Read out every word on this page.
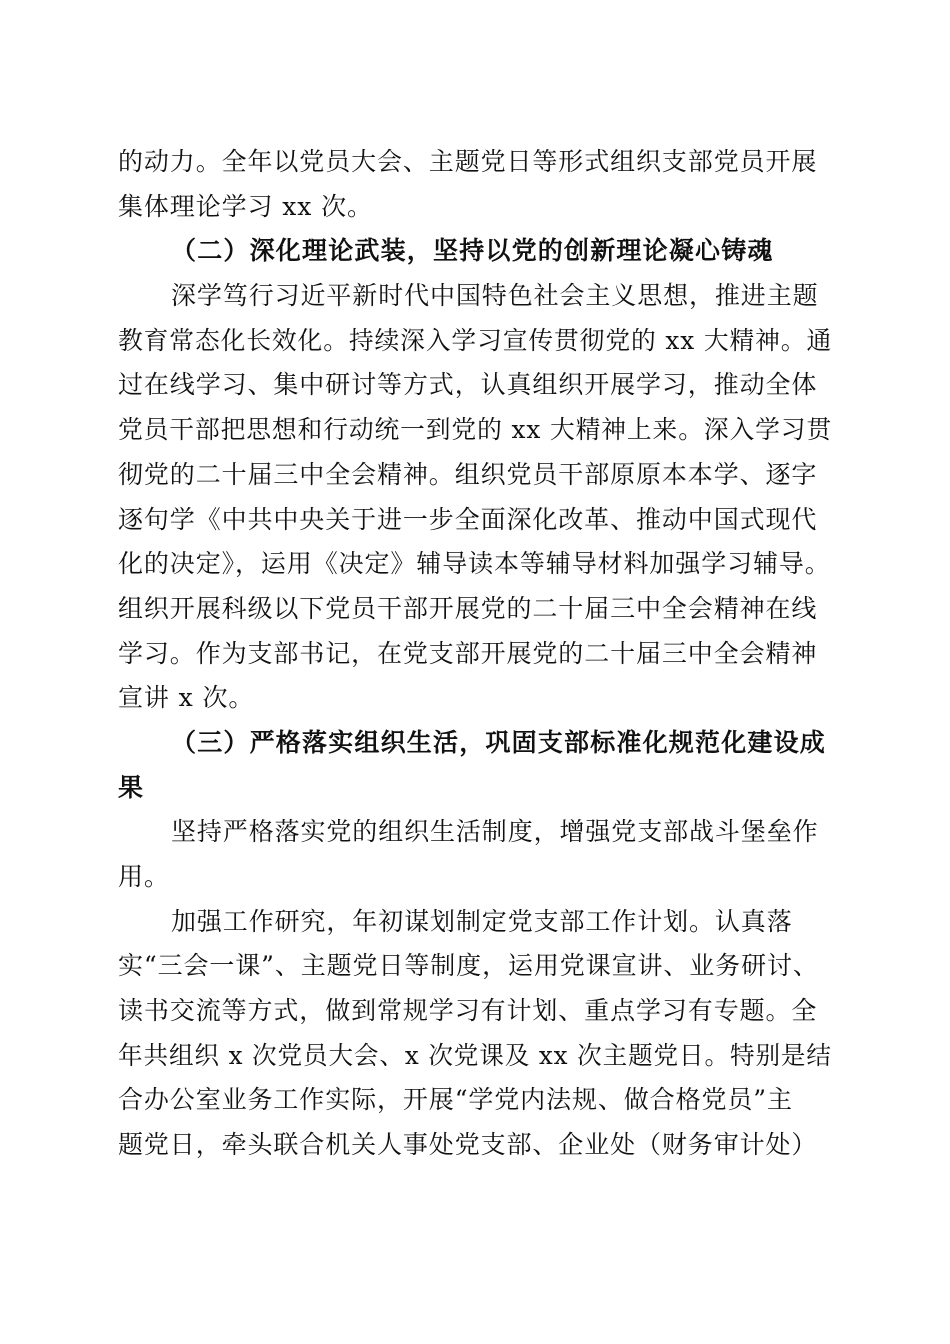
的动力。全年以党员大会、主题党日等形式组织支部党员开展
集体理论学习 xx 次。
（二）深化理论武装，坚持以党的创新理论凝心铸魂
深学笃行习近平新时代中国特色社会主义思想，推进主题
教育常态化长效化。持续深入学习宣传贯彻党的 xx 大精神。通
过在线学习、集中研讨等方式，认真组织开展学习，推动全体
党员干部把思想和行动统一到党的 xx 大精神上来。深入学习贯
彻党的二十届三中全会精神。组织党员干部原原本本学、逐字
逐句学《中共中央关于进一步全面深化改革、推动中国式现代
化的决定》，运用《决定》辅导读本等辅导材料加强学习辅导。
组织开展科级以下党员干部开展党的二十届三中全会精神在线
学习。作为支部书记，在党支部开展党的二十届三中全会精神
宣讲 x 次。
（三）严格落实组织生活，巩固支部标准化规范化建设成
果
坚持严格落实党的组织生活制度，增强党支部战斗堡垒作
用。
加强工作研究，年初谋划制定党支部工作计划。认真落
实“三会一课”、主题党日等制度，运用党课宣讲、业务研讨、
读书交流等方式，做到常规学习有计划、重点学习有专题。全
年共组织 x 次党员大会、x 次党课及 xx 次主题党日。特别是结
合办公室业务工作实际，开展“学党内法规、做合格党员”主
题党日，牵头联合机关人事处党支部、企业处（财务审计处）
